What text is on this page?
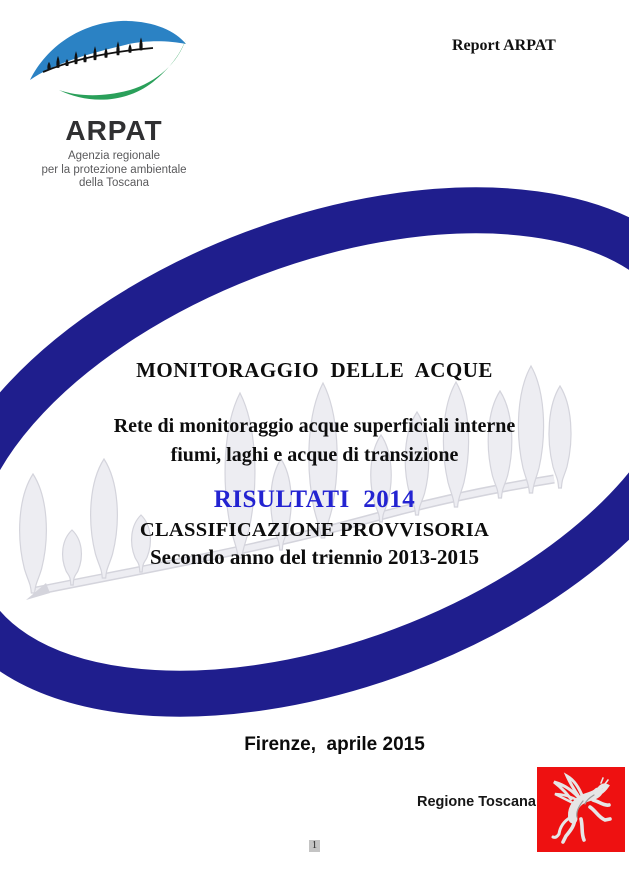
ARPAT
Agenzia regionale
per la protezione ambientale
della Toscana
Report ARPAT
MONITORAGGIO  DELLE  ACQUE
Rete di monitoraggio acque superficiali interne
fiumi, laghi e acque di transizione
RISULTATI  2014
CLASSIFICAZIONE PROVVISORIA
Secondo anno del triennio 2013-2015
Firenze,  aprile 2015
Regione Toscana
1
